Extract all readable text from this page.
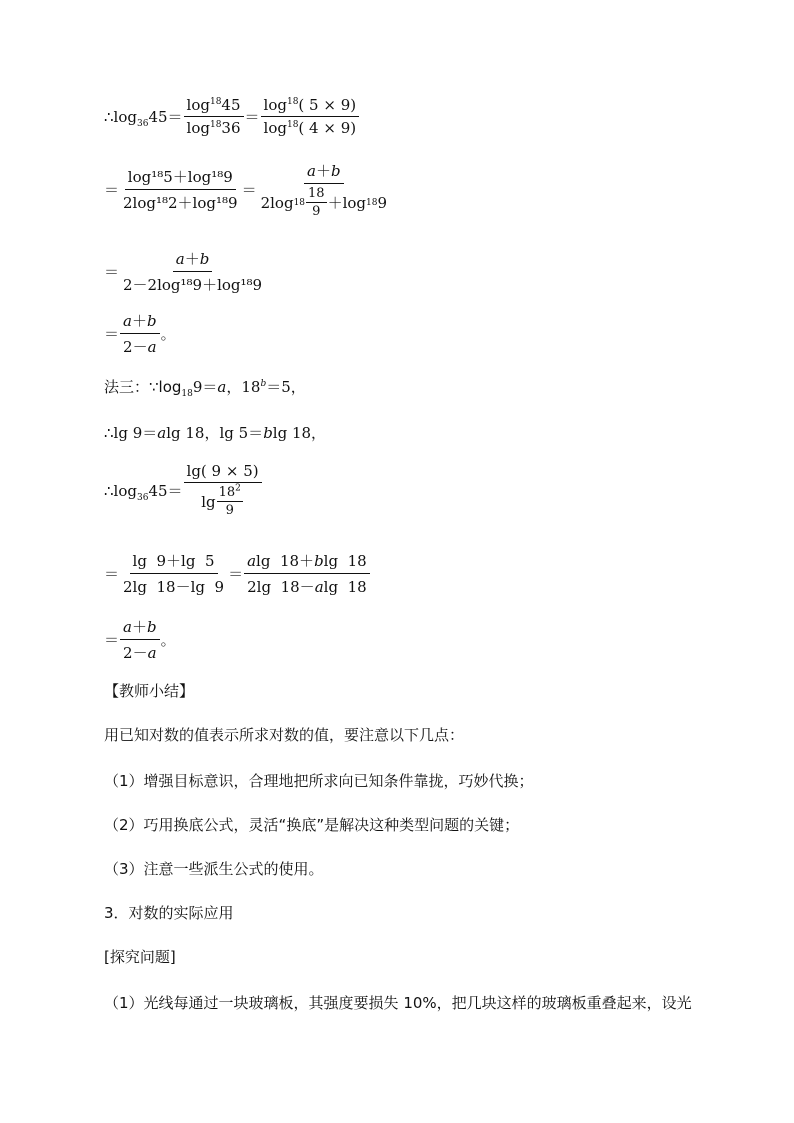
$\therefore\log_{36}45= \frac{\log^{18}45}{\log^{18}36} = \frac{\log^{18}( 5 \times 9)}{\log^{18}( 4 \times 9)}$
＝ $\frac{\text{log¹⁸5＋log¹⁸9}}{\text{2log¹⁸2＋log¹⁸9}} = \frac{a+b}{2\log 18 \frac{18}{9} +\log 18 9}$
＝ $\frac{a+b}{\text{2－2log¹⁸9＋log¹⁸9}}$
＝ $\frac{a+b}{2-a}$ 。
法三：$\because\log_{18}9=a$，$18^b=5$，
∴lg 9＝alg 18，lg 5＝blg 18，
$\therefore\log_{36}45= \frac{\lg( 9 \times 5)}{\lg \frac{18^2}{9}}$
＝ $\frac{\lg 9+\lg 5}{2\lg 18-\lg 9} = \frac{alg 18+blg 18}{2\lg 18-alg 18}$
＝ $\frac{a+b}{2-a}$ 。
【教师小结】
用已知对数的值表示所求对数的值，要注意以下几点：
（1）增强目标意识，合理地把所求向已知条件靠拢，巧妙代换；
（2）巧用换底公式，灵活“换底”是解决这种类型问题的关键；
（3）注意一些派生公式的使用。
3．对数的实际应用
[探究问题]
（1）光线每通过一块玻璃板，其强度要损失 10%，把几块这样的玻璃板重叠起来，设光
